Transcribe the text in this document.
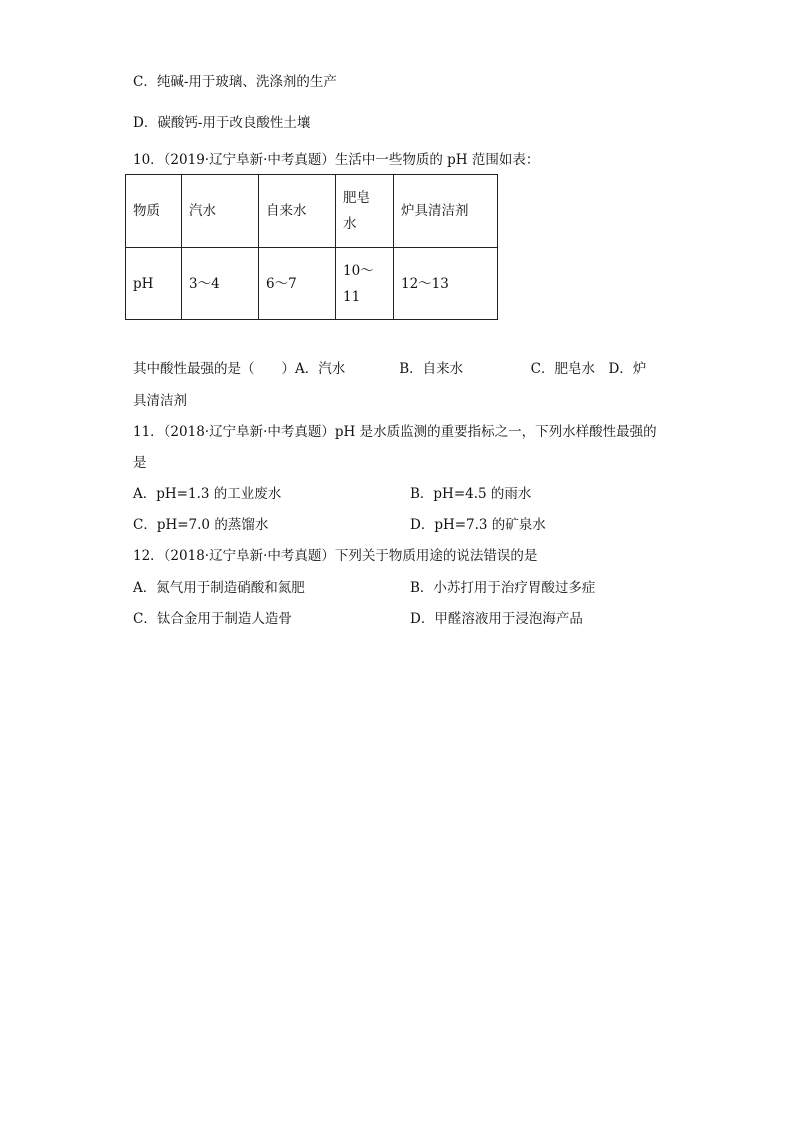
C．纯碱-用于玻璃、洗涤剂的生产
D．碳酸钙-用于改良酸性土壤
10．（2019·辽宁阜新·中考真题）生活中一些物质的 pH 范围如表：
物质	汽水	自来水	肥皂水	炉具清洁剂
pH	3～4	6～7	10～11	12～13
其中酸性最强的是（　　）A．汽水　　　　B．自来水　　　　　C．肥皂水　D．炉
具清洁剂
11．（2018·辽宁阜新·中考真题）pH 是水质监测的重要指标之一，下列水样酸性最强的
是
A．pH=1.3 的工业废水	B．pH=4.5 的雨水
C．pH=7.0 的蒸馏水	D．pH=7.3 的矿泉水
12．（2018·辽宁阜新·中考真题）下列关于物质用途的说法错误的是
A．氮气用于制造硝酸和氮肥	B．小苏打用于治疗胃酸过多症
C．钛合金用于制造人造骨	D．甲醛溶液用于浸泡海产品
